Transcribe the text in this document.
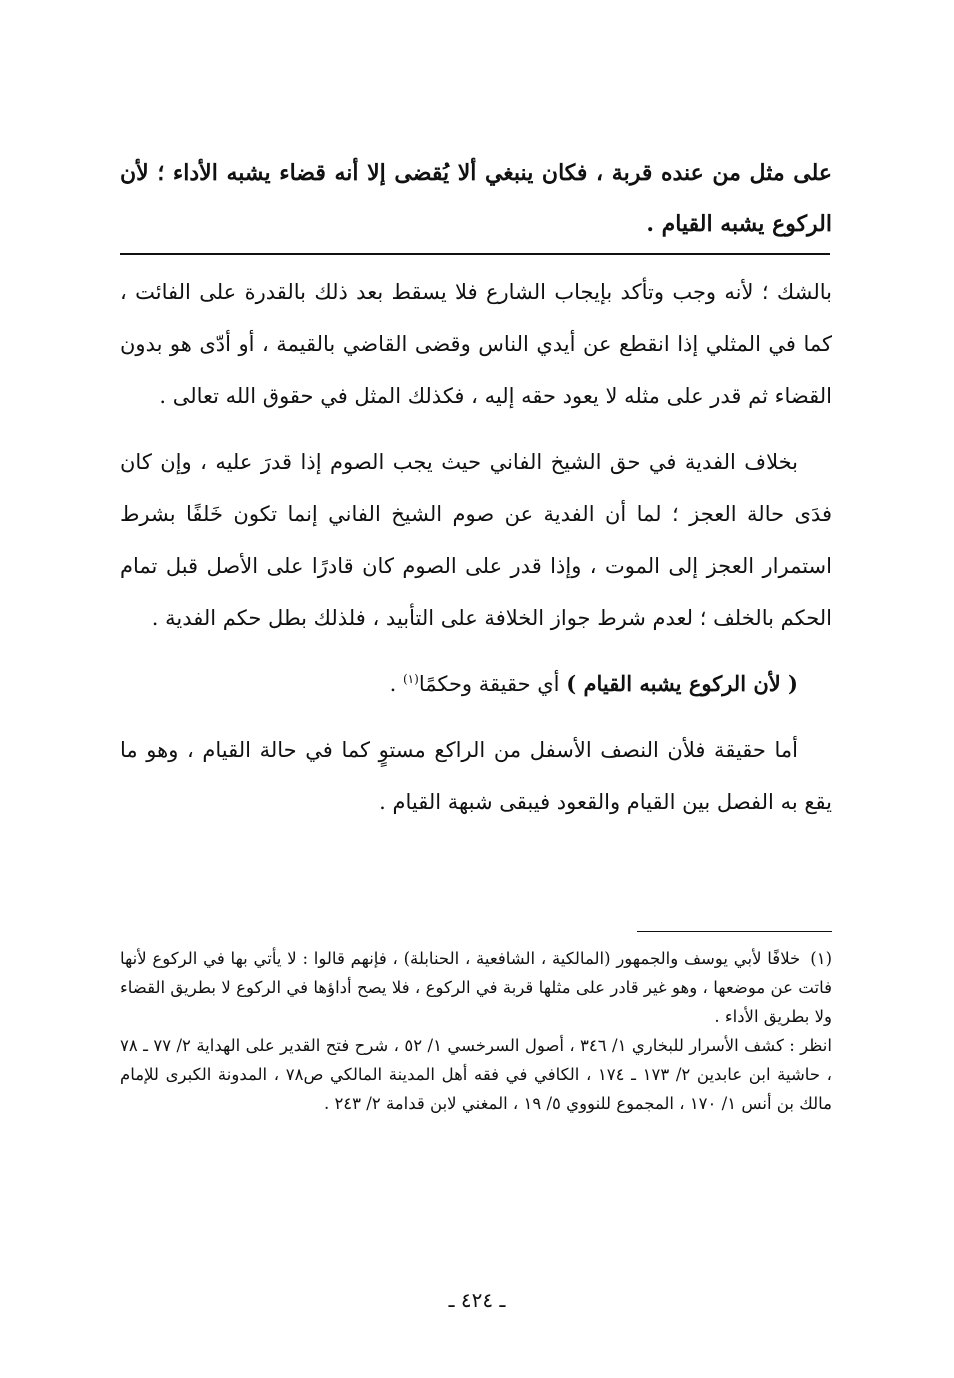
على مثل من عنده قربة ، فكان ينبغي ألا يُقضى إلا أنه قضاء يشبه الأداء ؛ لأن الركوع يشبه القيام .

بالشك ؛ لأنه وجب وتأكد بإيجاب الشارع فلا يسقط بعد ذلك بالقدرة على الفائت ، كما في المثلي إذا انقطع عن أيدي الناس وقضى القاضي بالقيمة ، أو أدّى هو بدون القضاء ثم قدر على مثله لا يعود حقه إليه ، فكذلك المثل في حقوق الله تعالى .

بخلاف الفدية في حق الشيخ الفاني حيث يجب الصوم إذا قدرَ عليه ، وإن كان فدَى حالة العجز ؛ لما أن الفدية عن صوم الشيخ الفاني إنما تكون خَلفًا بشرط استمرار العجز إلى الموت ، وإذا قدر على الصوم كان قادرًا على الأصل قبل تمام الحكم بالخلف ؛ لعدم شرط جواز الخلافة على التأبيد ، فلذلك بطل حكم الفدية .

( لأن الركوع يشبه القيام ) أي حقيقة وحكمًا$^{(١)}$ .

أما حقيقة فلأن النصف الأسفل من الراكع مستوٍ كما في حالة القيام ، وهو ما يقع به الفصل بين القيام والقعود فيبقى شبهة القيام .

(١)خلافًا لأبي يوسف والجمهور (المالكية ، الشافعية ، الحنابلة) ، فإنهم قالوا : لا يأتي بها في الركوع لأنها فاتت عن موضعها ، وهو غير قادر على مثلها قربة في الركوع ، فلا يصح أداؤها في الركوع لا بطريق القضاء ولا بطريق الأداء .

انظر : كشف الأسرار للبخاري ١/ ٣٤٦ ، أصول السرخسي ١/ ٥٢ ، شرح فتح القدير على الهداية ٢/ ٧٧ ـ ٧٨ ، حاشية ابن عابدين ٢/ ١٧٣ ـ ١٧٤ ، الكافي في فقه أهل المدينة المالكي ص٧٨ ، المدونة الكبرى للإمام مالك بن أنس ١/ ١٧٠ ، المجموع للنووي ٥/ ١٩ ، المغني لابن قدامة ٢/ ٢٤٣ .

ـ ٤٢٤ ـ
